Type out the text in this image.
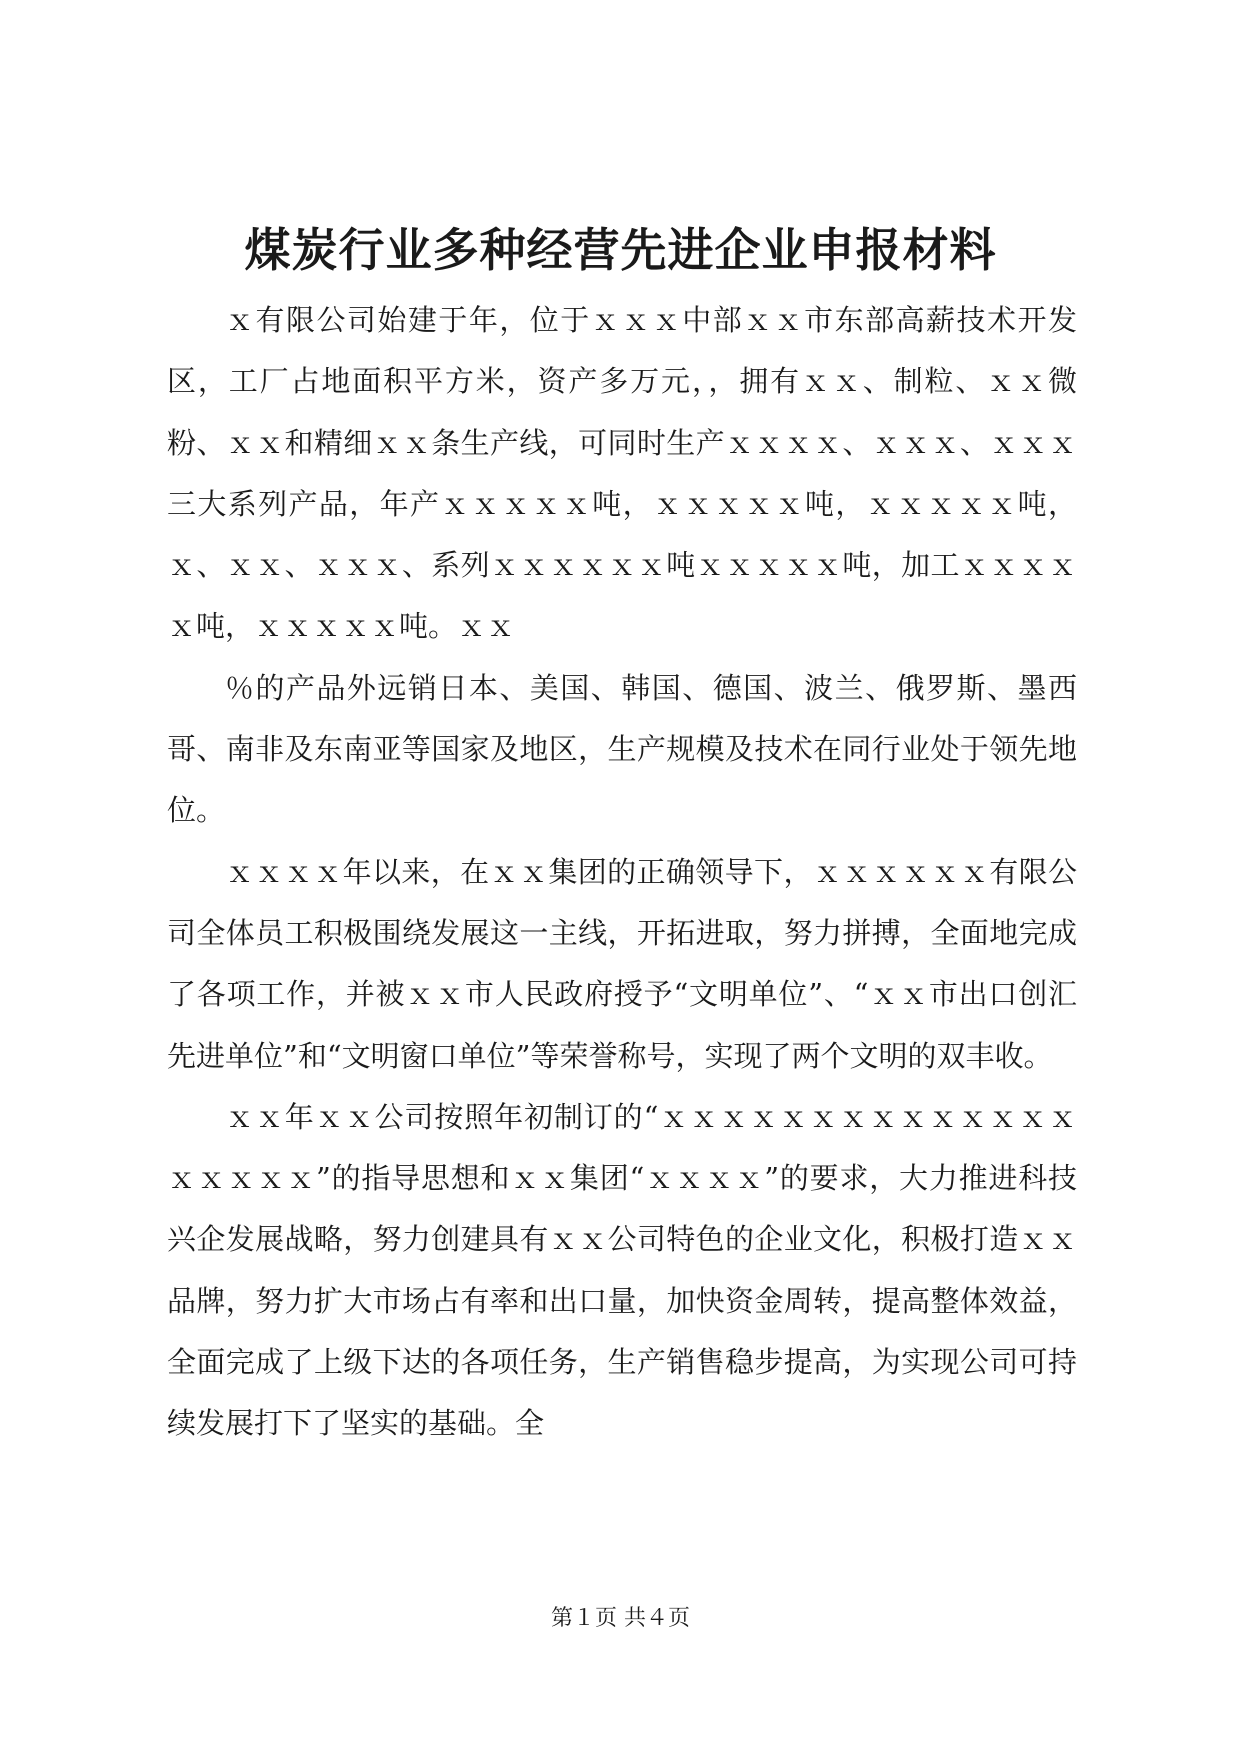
煤炭行业多种经营先进企业申报材料

ｘ有限公司始建于年，位于ｘｘｘ中部ｘｘ市东部高薪技术开发区，工厂占地面积平方米，资产多万元，，拥有ｘｘ、制粒、ｘｘ微粉、ｘｘ和精细ｘｘ条生产线，可同时生产ｘｘｘｘ、ｘｘｘ、ｘｘｘ三大系列产品，年产ｘｘｘｘｘ吨，ｘｘｘｘｘ吨，ｘｘｘｘｘ吨，ｘ、ｘｘ、ｘｘｘ、系列ｘｘｘｘｘｘ吨ｘｘｘｘｘ吨，加工ｘｘｘｘｘ吨，ｘｘｘｘｘ吨。ｘｘ

％的产品外远销日本、美国、韩国、德国、波兰、俄罗斯、墨西哥、南非及东南亚等国家及地区，生产规模及技术在同行业处于领先地位。

ｘｘｘｘ年以来，在ｘｘ集团的正确领导下，ｘｘｘｘｘｘ有限公司全体员工积极围绕发展这一主线，开拓进取，努力拼搏，全面地完成了各项工作，并被ｘｘ市人民政府授予“文明单位”、“ｘｘ市出口创汇先进单位”和“文明窗口单位”等荣誉称号，实现了两个文明的双丰收。

ｘｘ年ｘｘ公司按照年初制订的“ｘｘｘｘｘｘｘｘｘｘｘｘｘｘｘｘｘｘｘ”的指导思想和ｘｘ集团“ｘｘｘｘ”的要求，大力推进科技兴企发展战略，努力创建具有ｘｘ公司特色的企业文化，积极打造ｘｘ品牌，努力扩大市场占有率和出口量，加快资金周转，提高整体效益，全面完成了上级下达的各项任务，生产销售稳步提高，为实现公司可持续发展打下了坚实的基础。全

第１页 共４页
